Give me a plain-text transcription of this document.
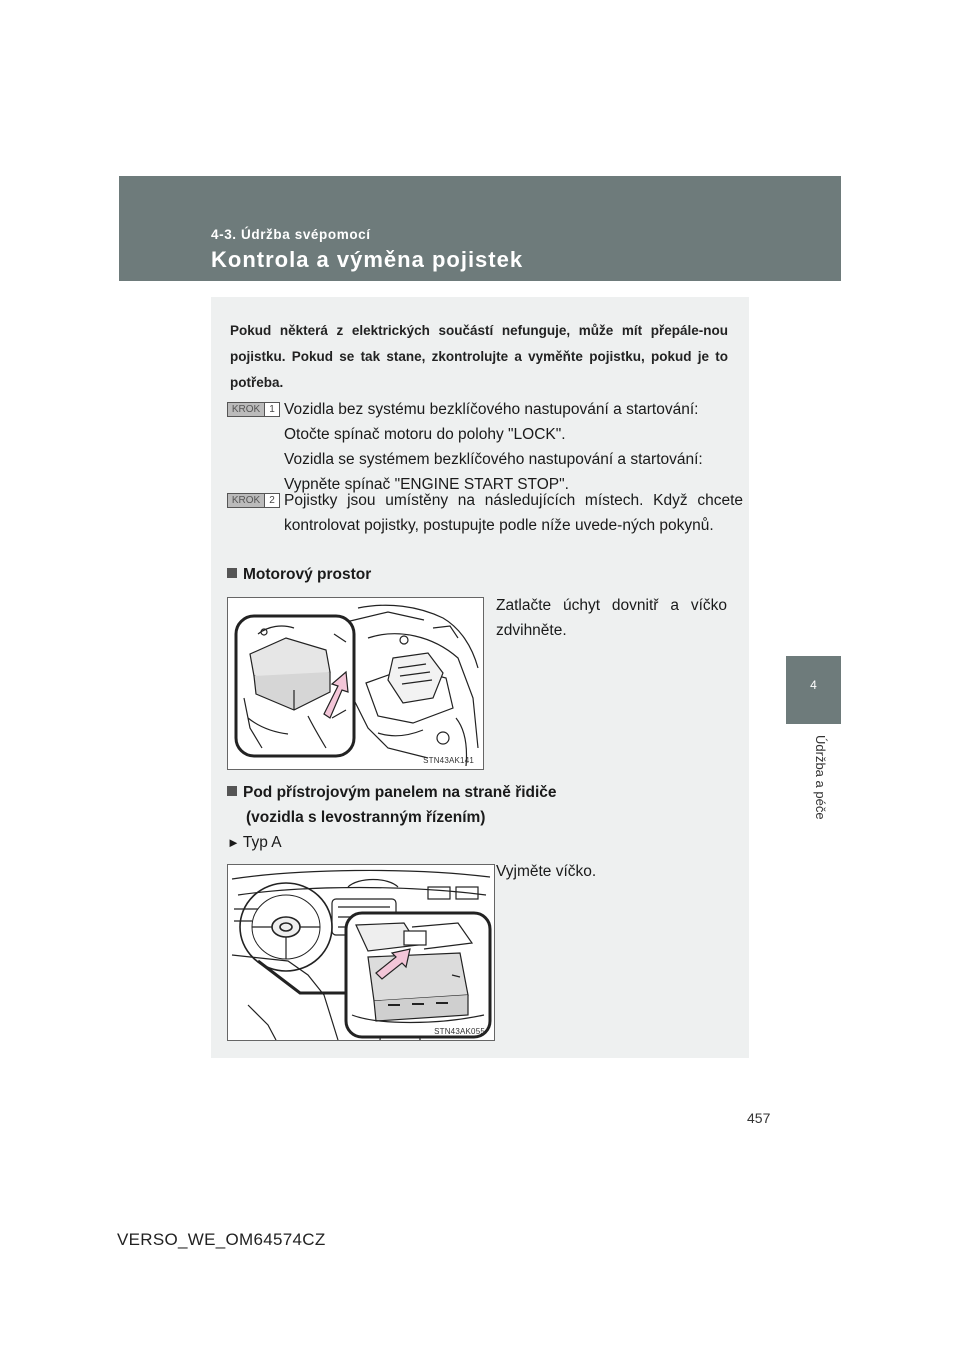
4-3. Údržba svépomocí
Kontrola a výměna pojistek
4
Údržba a péče

Pokud některá z elektrických součástí nefunguje, může mít přepále-nou pojistku. Pokud se tak stane, zkontrolujte a vyměňte pojistku, pokud je to potřeba.

KROK 1 Vozidla bez systému bezklíčového nastupování a startování:

Otočte spínač motoru do polohy "LOCK".

Vozidla se systémem bezklíčového nastupování a startování:

Vypněte spínač "ENGINE START STOP".

KROK 2 Pojistky jsou umístěny na následujících místech. Když chcete kontrolovat pojistky, postupujte podle níže uvede-ných pokynů.

Motorový prostor
STN43AK141

Zatlačte úchyt dovnitř a víčko zdvihněte.

Pod přístrojovým panelem na straně řidiče
(vozidla s levostranným řízením)
► Typ A
STN43AK055

Vyjměte víčko.

457
VERSO_WE_OM64574CZ
